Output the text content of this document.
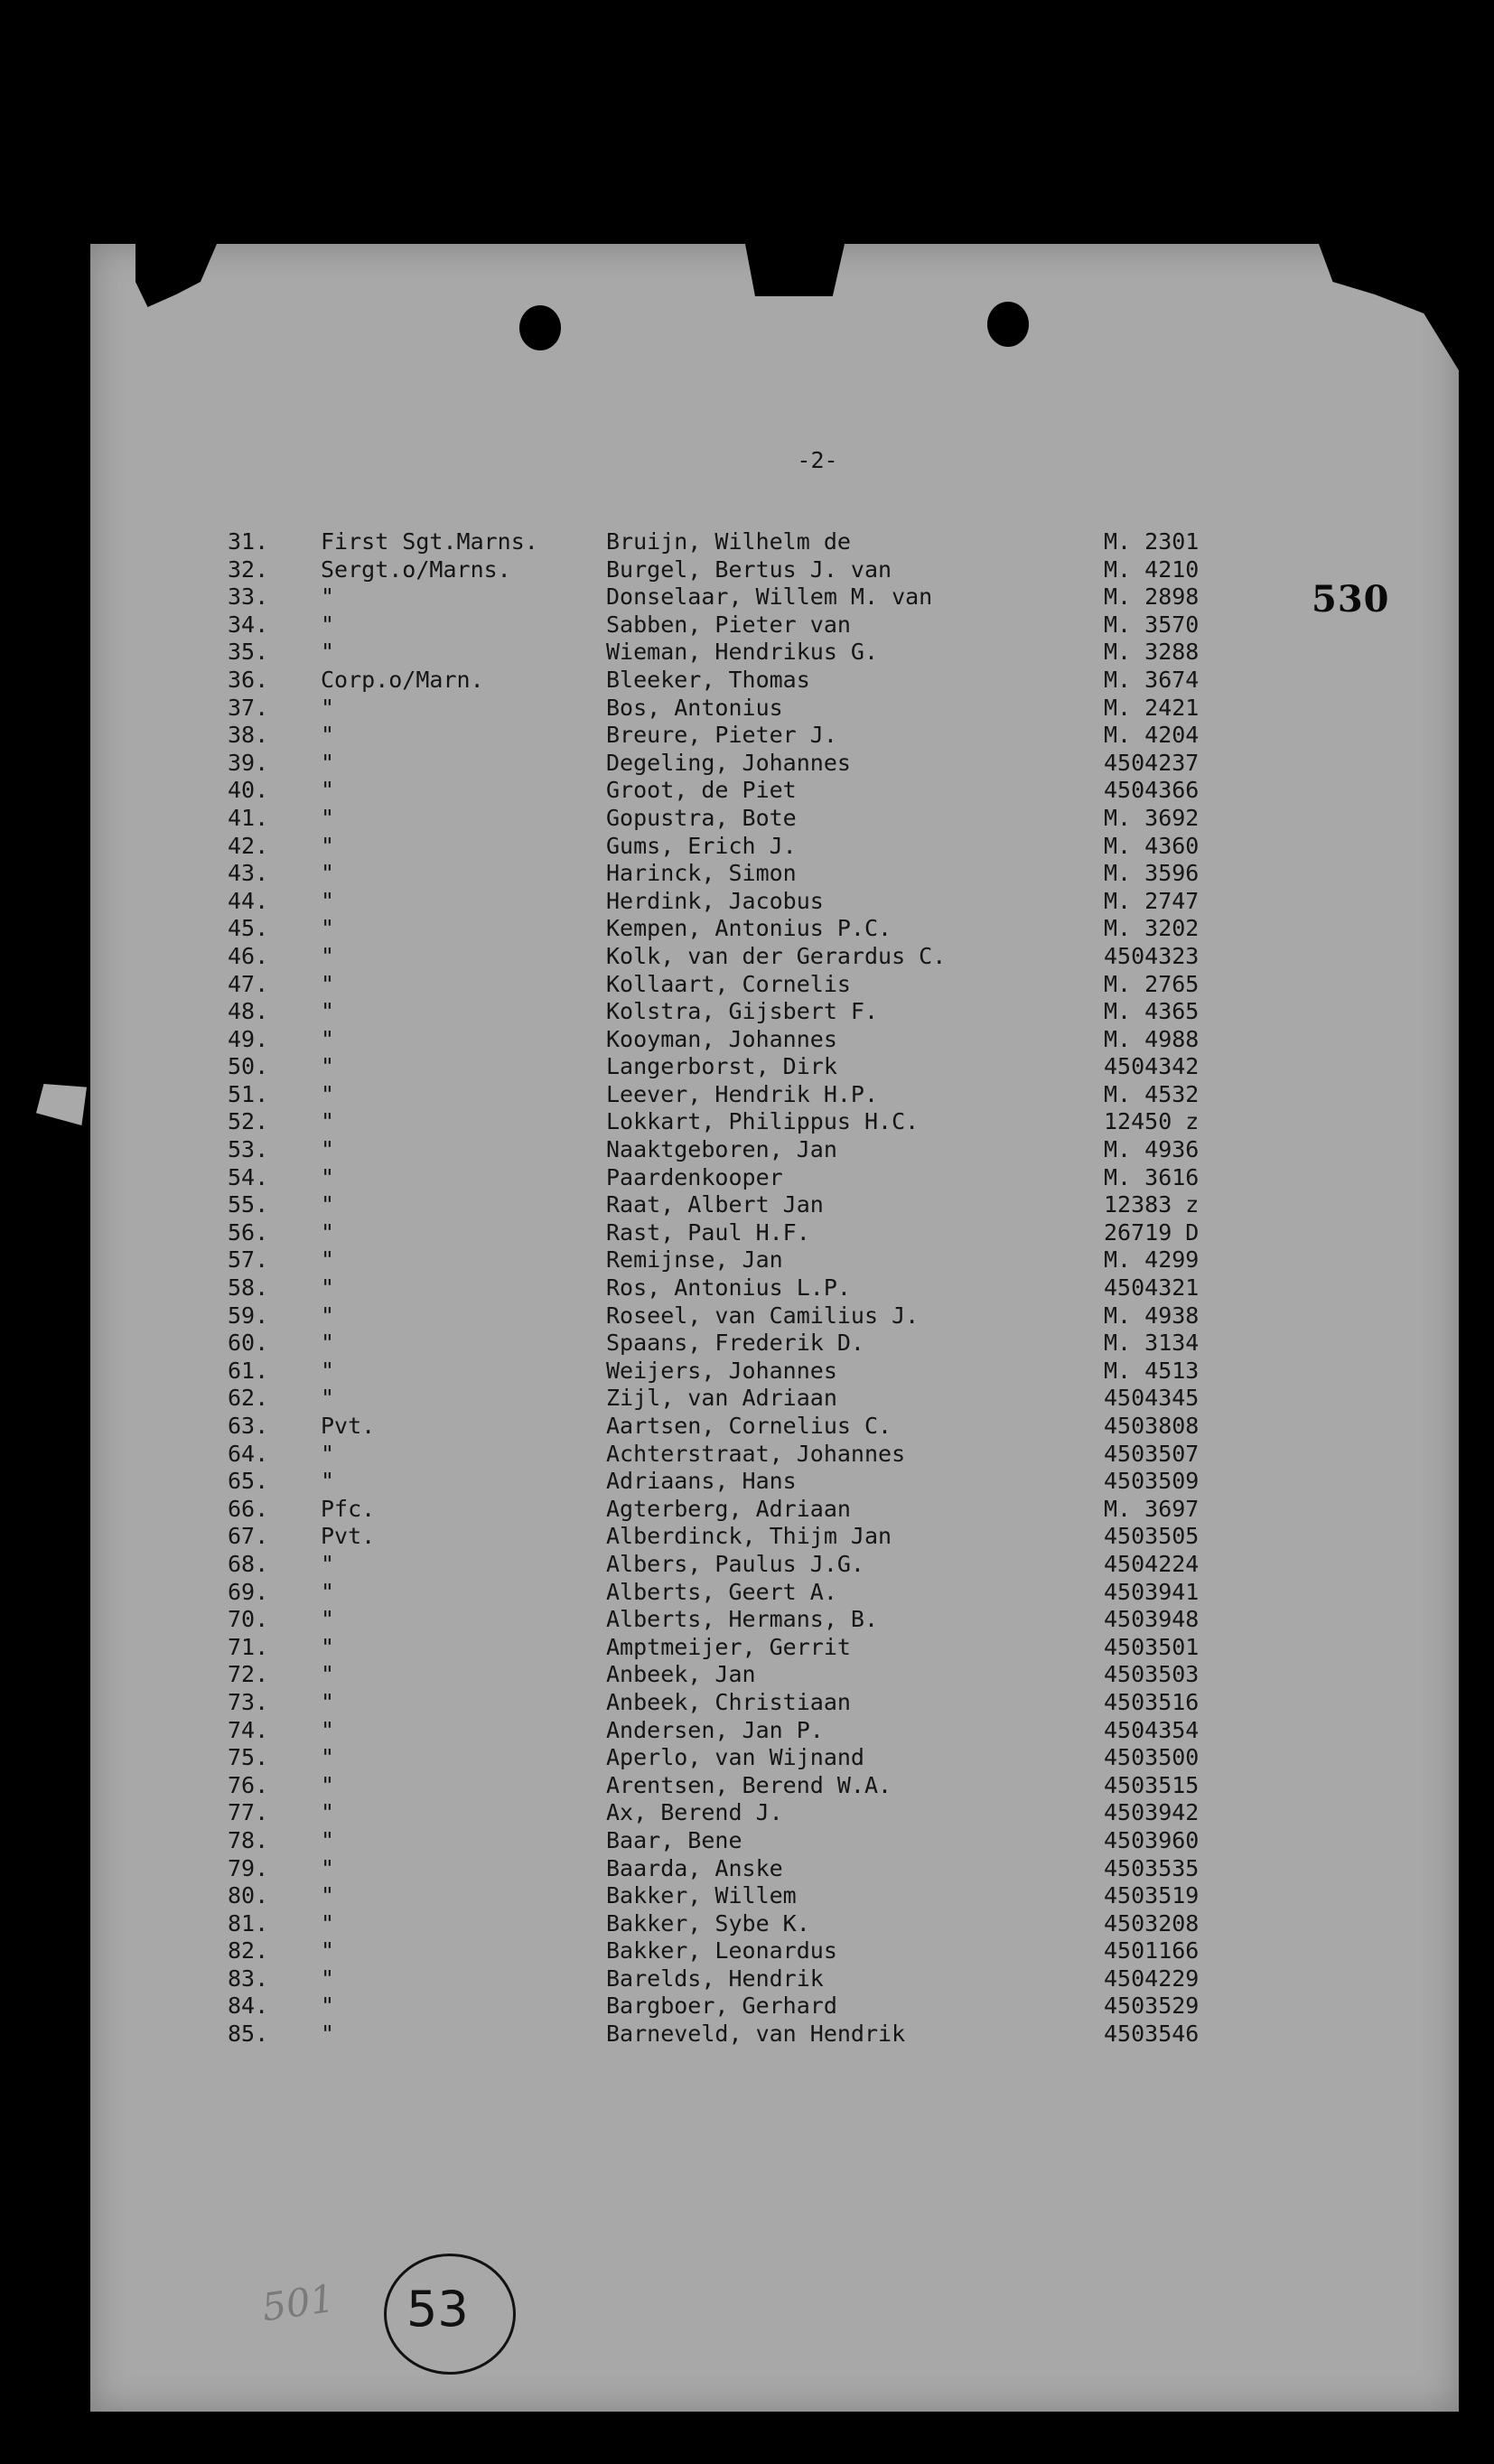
-2-
530
31. First Sgt.Marns.	Bruijn, Wilhelm de	M. 2301
32. Sergt.o/Marns.	Burgel, Bertus J. van	M. 4210
33. "	Donselaar, Willem M. van	M. 2898
34. "	Sabben, Pieter van	M. 3570
35. "	Wieman, Hendrikus G.	M. 3288
36. Corp.o/Marn.	Bleeker, Thomas	M. 3674
37. "	Bos, Antonius	M. 2421
38. "	Breure, Pieter J.	M. 4204
39. "	Degeling, Johannes	4504237
40. "	Groot, de Piet	4504366
41. "	Gopustra, Bote	M. 3692
42. "	Gums, Erich J.	M. 4360
43. "	Harinck, Simon	M. 3596
44. "	Herdink, Jacobus	M. 2747
45. "	Kempen, Antonius P.C.	M. 3202
46. "	Kolk, van der Gerardus C.	4504323
47. "	Kollaart, Cornelis	M. 2765
48. "	Kolstra, Gijsbert F.	M. 4365
49. "	Kooyman, Johannes	M. 4988
50. "	Langerborst, Dirk	4504342
51. "	Leever, Hendrik H.P.	M. 4532
52. "	Lokkart, Philippus H.C.	12450 z
53. "	Naaktgeboren, Jan	M. 4936
54. "	Paardenkooper	M. 3616
55. "	Raat, Albert Jan	12383 z
56. "	Rast, Paul H.F.	26719 D
57. "	Remijnse, Jan	M. 4299
58. "	Ros, Antonius L.P.	4504321
59. "	Roseel, van Camilius J.	M. 4938
60. "	Spaans, Frederik D.	M. 3134
61. "	Weijers, Johannes	M. 4513
62. "	Zijl, van Adriaan	4504345
63. Pvt.	Aartsen, Cornelius C.	4503808
64. "	Achterstraat, Johannes	4503507
65. "	Adriaans, Hans	4503509
66. Pfc.	Agterberg, Adriaan	M. 3697
67. Pvt.	Alberdinck, Thijm Jan	4503505
68. "	Albers, Paulus J.G.	4504224
69. "	Alberts, Geert A.	4503941
70. "	Alberts, Hermans, B.	4503948
71. "	Amptmeijer, Gerrit	4503501
72. "	Anbeek, Jan	4503503
73. "	Anbeek, Christiaan	4503516
74. "	Andersen, Jan P.	4504354
75. "	Aperlo, van Wijnand	4503500
76. "	Arentsen, Berend W.A.	4503515
77. "	Ax, Berend J.	4503942
78. "	Baar, Bene	4503960
79. "	Baarda, Anske	4503535
80. "	Bakker, Willem	4503519
81. "	Bakker, Sybe K.	4503208
82. "	Bakker, Leonardus	4501166
83. "	Barelds, Hendrik	4504229
84. "	Bargboer, Gerhard	4503529
85. "	Barneveld, van Hendrik	4503546
501 53
